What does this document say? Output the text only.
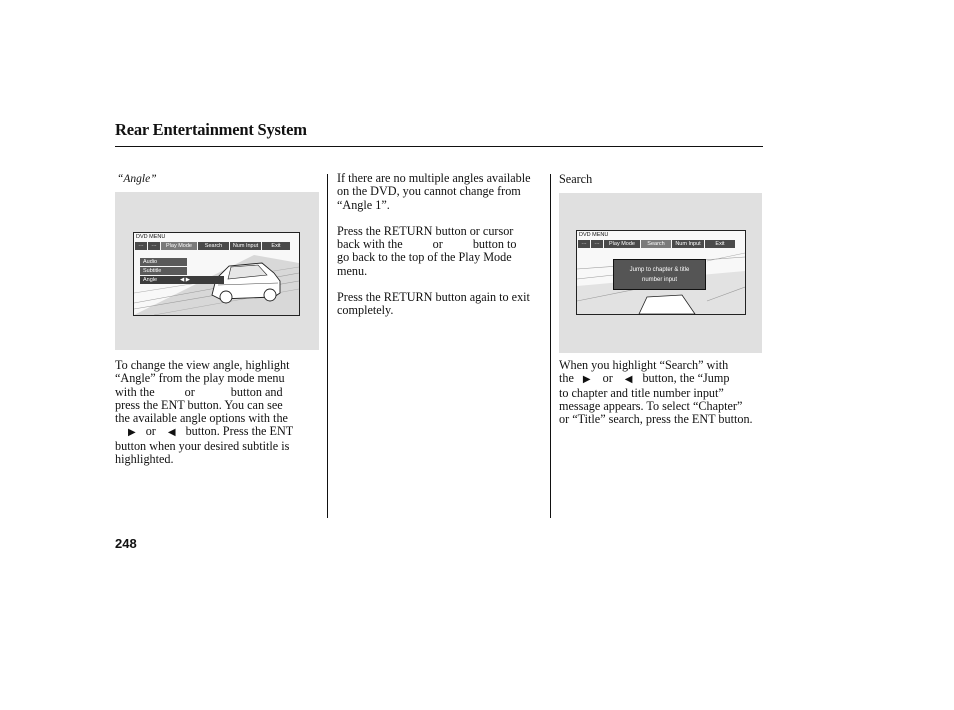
Rear Entertainment System
“Angle”
DVD MENU
···	···	Play Mode	Search	Num Input	Exit
Audio
Subtitle
Angle	◀ ▶
To change the view angle, highlight
“Angle” from the play mode menu
with the or	button and
press the ENT button. You can see
the available angle options with the
▶ or ◀ button. Press the ENT
button when your desired subtitle is
highlighted.

If there are no multiple angles available on the DVD, you cannot change from “Angle 1”.

Press the RETURN button or cursor
back with the or button to
go back to the top of the Play Mode menu.

Press the RETURN button again to exit completely.

Search
DVD MENU
···	···	Play Mode	Search	Num Input	Exit
Jump to chapter & title
number input
When you highlight “Search” with
the ▶ or ◀ button, the “Jump
to chapter and title number input” message appears. To select “Chapter” or “Title” search, press the ENT button.
248
